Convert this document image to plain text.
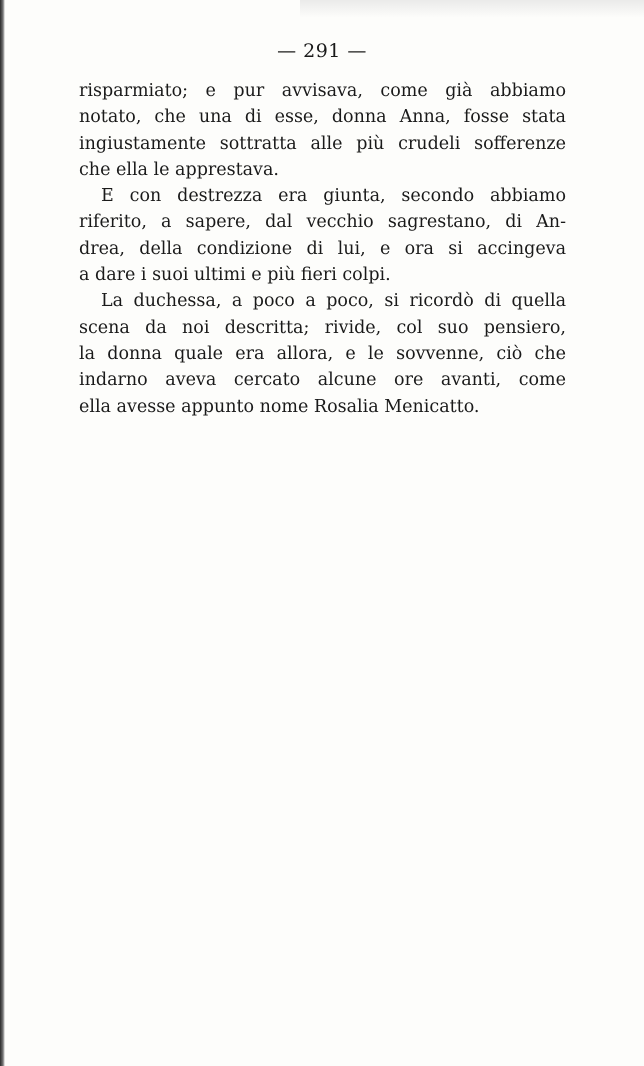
— 291 —
risparmiato; e pur avvisava, come già abbiamo
notato, che una di esse, donna Anna, fosse stata
ingiustamente sottratta alle più crudeli sofferenze
che ella le apprestava.
E con destrezza era giunta, secondo abbiamo
riferito, a sapere, dal vecchio sagrestano, di An-
drea, della condizione di lui, e ora si accingeva
a dare i suoi ultimi e più fieri colpi.
La duchessa, a poco a poco, si ricordò di quella
scena da noi descritta; rivide, col suo pensiero,
la donna quale era allora, e le sovvenne, ciò che
indarno aveva cercato alcune ore avanti, come
ella avesse appunto nome Rosalia Menicatto.
